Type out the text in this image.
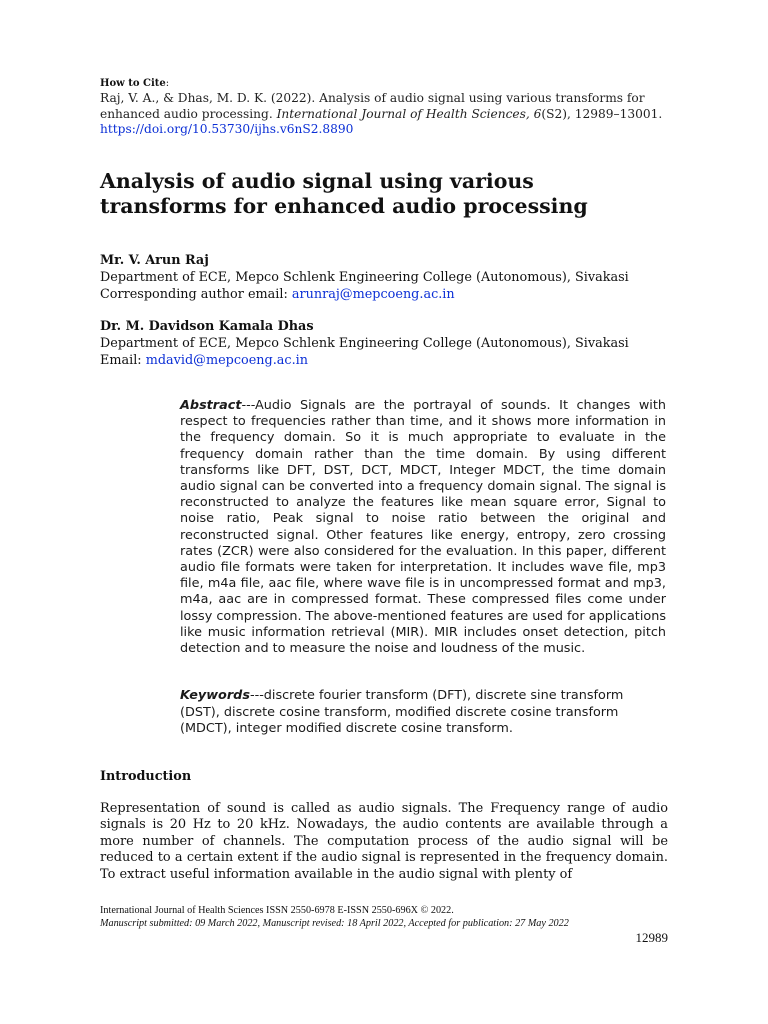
How to Cite:
Raj, V. A., & Dhas, M. D. K. (2022). Analysis of audio signal using various transforms for enhanced audio processing. International Journal of Health Sciences, 6(S2), 12989–13001.
https://doi.org/10.53730/ijhs.v6nS2.8890
Analysis of audio signal using various transforms for enhanced audio processing
Mr. V. Arun Raj
Department of ECE, Mepco Schlenk Engineering College (Autonomous), Sivakasi
Corresponding author email: arunraj@mepcoeng.ac.in
Dr. M. Davidson Kamala Dhas
Department of ECE, Mepco Schlenk Engineering College (Autonomous), Sivakasi
Email: mdavid@mepcoeng.ac.in
Abstract---Audio Signals are the portrayal of sounds. It changes with respect to frequencies rather than time, and it shows more information in the frequency domain. So it is much appropriate to evaluate in the frequency domain rather than the time domain. By using different transforms like DFT, DST, DCT, MDCT, Integer MDCT, the time domain audio signal can be converted into a frequency domain signal. The signal is reconstructed to analyze the features like mean square error, Signal to noise ratio, Peak signal to noise ratio between the original and reconstructed signal. Other features like energy, entropy, zero crossing rates (ZCR) were also considered for the evaluation. In this paper, different audio file formats were taken for interpretation. It includes wave file, mp3 file, m4a file, aac file, where wave file is in uncompressed format and mp3, m4a, aac are in compressed format. These compressed files come under lossy compression. The above-mentioned features are used for applications like music information retrieval (MIR). MIR includes onset detection, pitch detection and to measure the noise and loudness of the music.
Keywords---discrete fourier transform (DFT), discrete sine transform (DST), discrete cosine transform, modified discrete cosine transform (MDCT), integer modified discrete cosine transform.
Introduction
Representation of sound is called as audio signals. The Frequency range of audio signals is 20 Hz to 20 kHz. Nowadays, the audio contents are available through a more number of channels. The computation process of the audio signal will be reduced to a certain extent if the audio signal is represented in the frequency domain. To extract useful information available in the audio signal with plenty of
International Journal of Health Sciences ISSN 2550-6978 E-ISSN 2550-696X © 2022.
Manuscript submitted: 09 March 2022, Manuscript revised: 18 April 2022, Accepted for publication: 27 May 2022
12989
